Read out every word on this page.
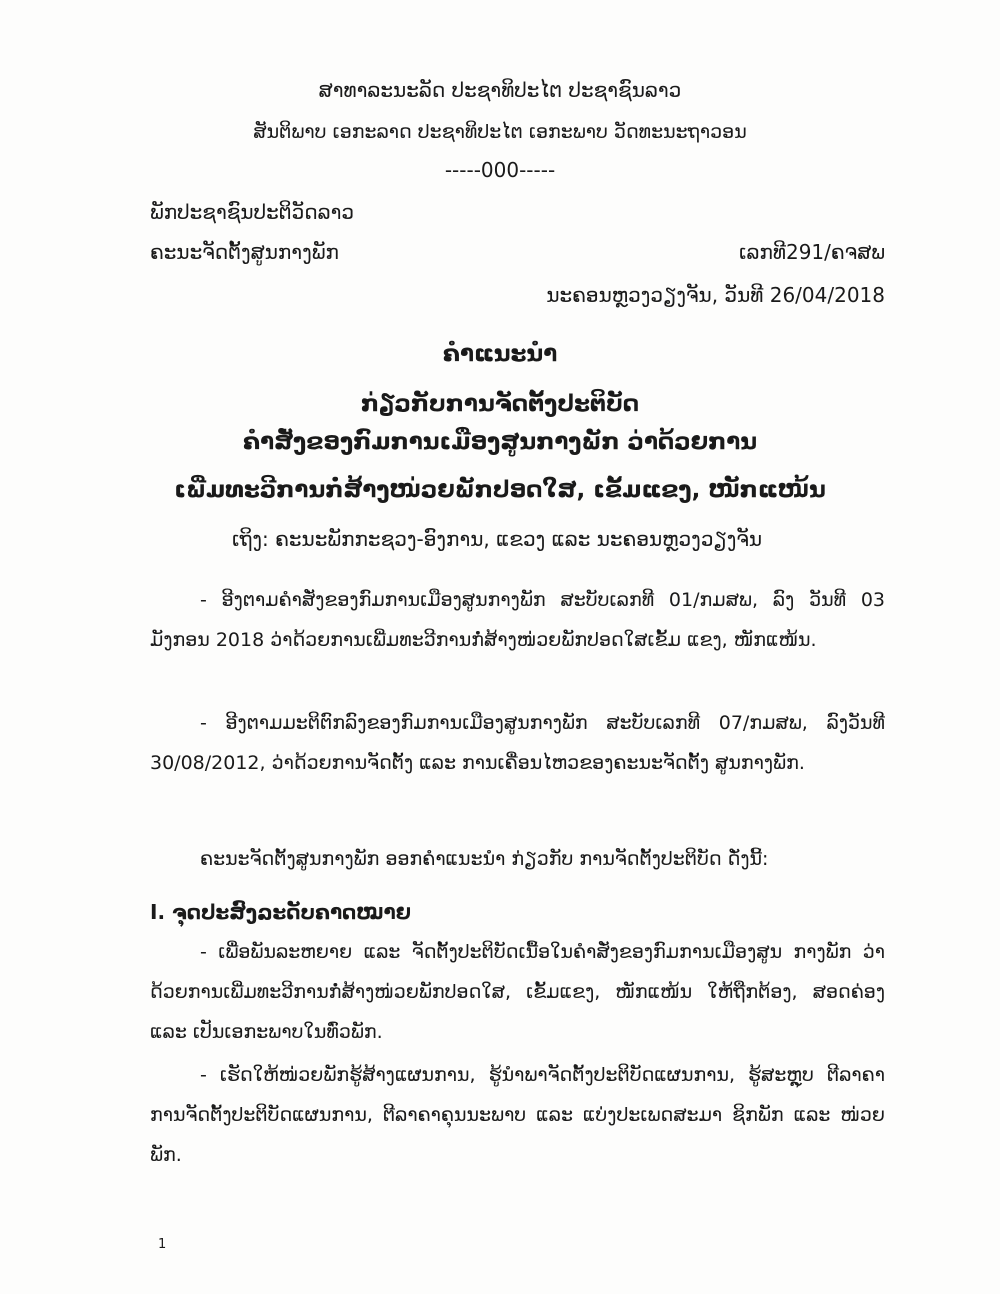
ສາທາລະນະລັດ ປະຊາທິປະໄຕ ປະຊາຊົນລາວ
ສັນຕິພາບ ເອກະລາດ ປະຊາທິປະໄຕ ເອກະພາບ ວັດທະນະຖາວອນ
-----000-----
ພັກປະຊາຊົນປະຕິວັດລາວ
ຄະນະຈັດຕັ້ງສູນກາງພັກ	ເລກທີ291/ຄຈສພ
ນະຄອນຫຼວງວຽງຈັນ, ວັນທີ 26/04/2018
ຄໍາແນະນໍາ
ກ່ຽວກັບການຈັດຕັ້ງປະຕິບັດ
ຄໍາສັ່ງຂອງກົມການເມືອງສູນກາງພັກ ວ່າດ້ວຍການ
ເພີ່ມທະວີການກໍ່ສ້າງໜ່ວຍພັກປອດໃສ, ເຂັ້ມແຂງ, ໜັກແໜ້ນ
ເຖິງ: ຄະນະພັກກະຊວງ-ອົງການ, ແຂວງ ແລະ ນະຄອນຫຼວງວຽງຈັນ
- ອີງຕາມຄໍາສັ່ງຂອງກົມການເມືອງສູນກາງພັກ ສະບັບເລກທີ 01/ກມສພ, ລົງ ວັນທີ 03 ມັງກອນ 2018 ວ່າດ້ວຍການເພີ່ມທະວີການກໍ່ສ້າງໜ່ວຍພັກປອດໃສເຂັ້ມ ແຂງ, ໜັກແໜ້ນ.
- ອີງຕາມມະຕິຕົກລົງຂອງກົມການເມືອງສູນກາງພັກ ສະບັບເລກທີ 07/ກມສພ, ລົງວັນທີ 30/08/2012, ວ່າດ້ວຍການຈັດຕັ້ງ ແລະ ການເຄື່ອນໄຫວຂອງຄະນະຈັດຕັ້ງ ສູນກາງພັກ.
ຄະນະຈັດຕັ້ງສູນກາງພັກ ອອກຄໍາແນະນໍາ ກ່ຽວກັບ ການຈັດຕັ້ງປະຕິບັດ ດັ່ງນີ້:
I. ຈຸດປະສົງລະດັບຄາດໝາຍ
- ເພື່ອພັນລະຫຍາຍ ແລະ ຈັດຕັ້ງປະຕິບັດເນື້ອໃນຄໍາສັ່ງຂອງກົມການເມືອງສູນ ກາງພັກ ວ່າດ້ວຍການເພີ່ມທະວີການກໍ່ສ້າງໜ່ວຍພັກປອດໃສ, ເຂັ້ມແຂງ, ໜັກແໜ້ນ ໃຫ້ຖືກຕ້ອງ, ສອດຄ່ອງ ແລະ ເປັນເອກະພາບໃນທົ່ວພັກ.
- ເຮັດໃຫ້ໜ່ວຍພັກຮູ້ສ້າງແຜນການ, ຮູ້ນໍາພາຈັດຕັ້ງປະຕິບັດແຜນການ, ຮູ້ສະຫຼຸບ ຕີລາຄາການຈັດຕັ້ງປະຕິບັດແຜນການ, ຕີລາຄາຄຸນນະພາບ ແລະ ແບ່ງປະເພດສະມາ ຊິກພັກ ແລະ ໜ່ວຍພັກ.
1
